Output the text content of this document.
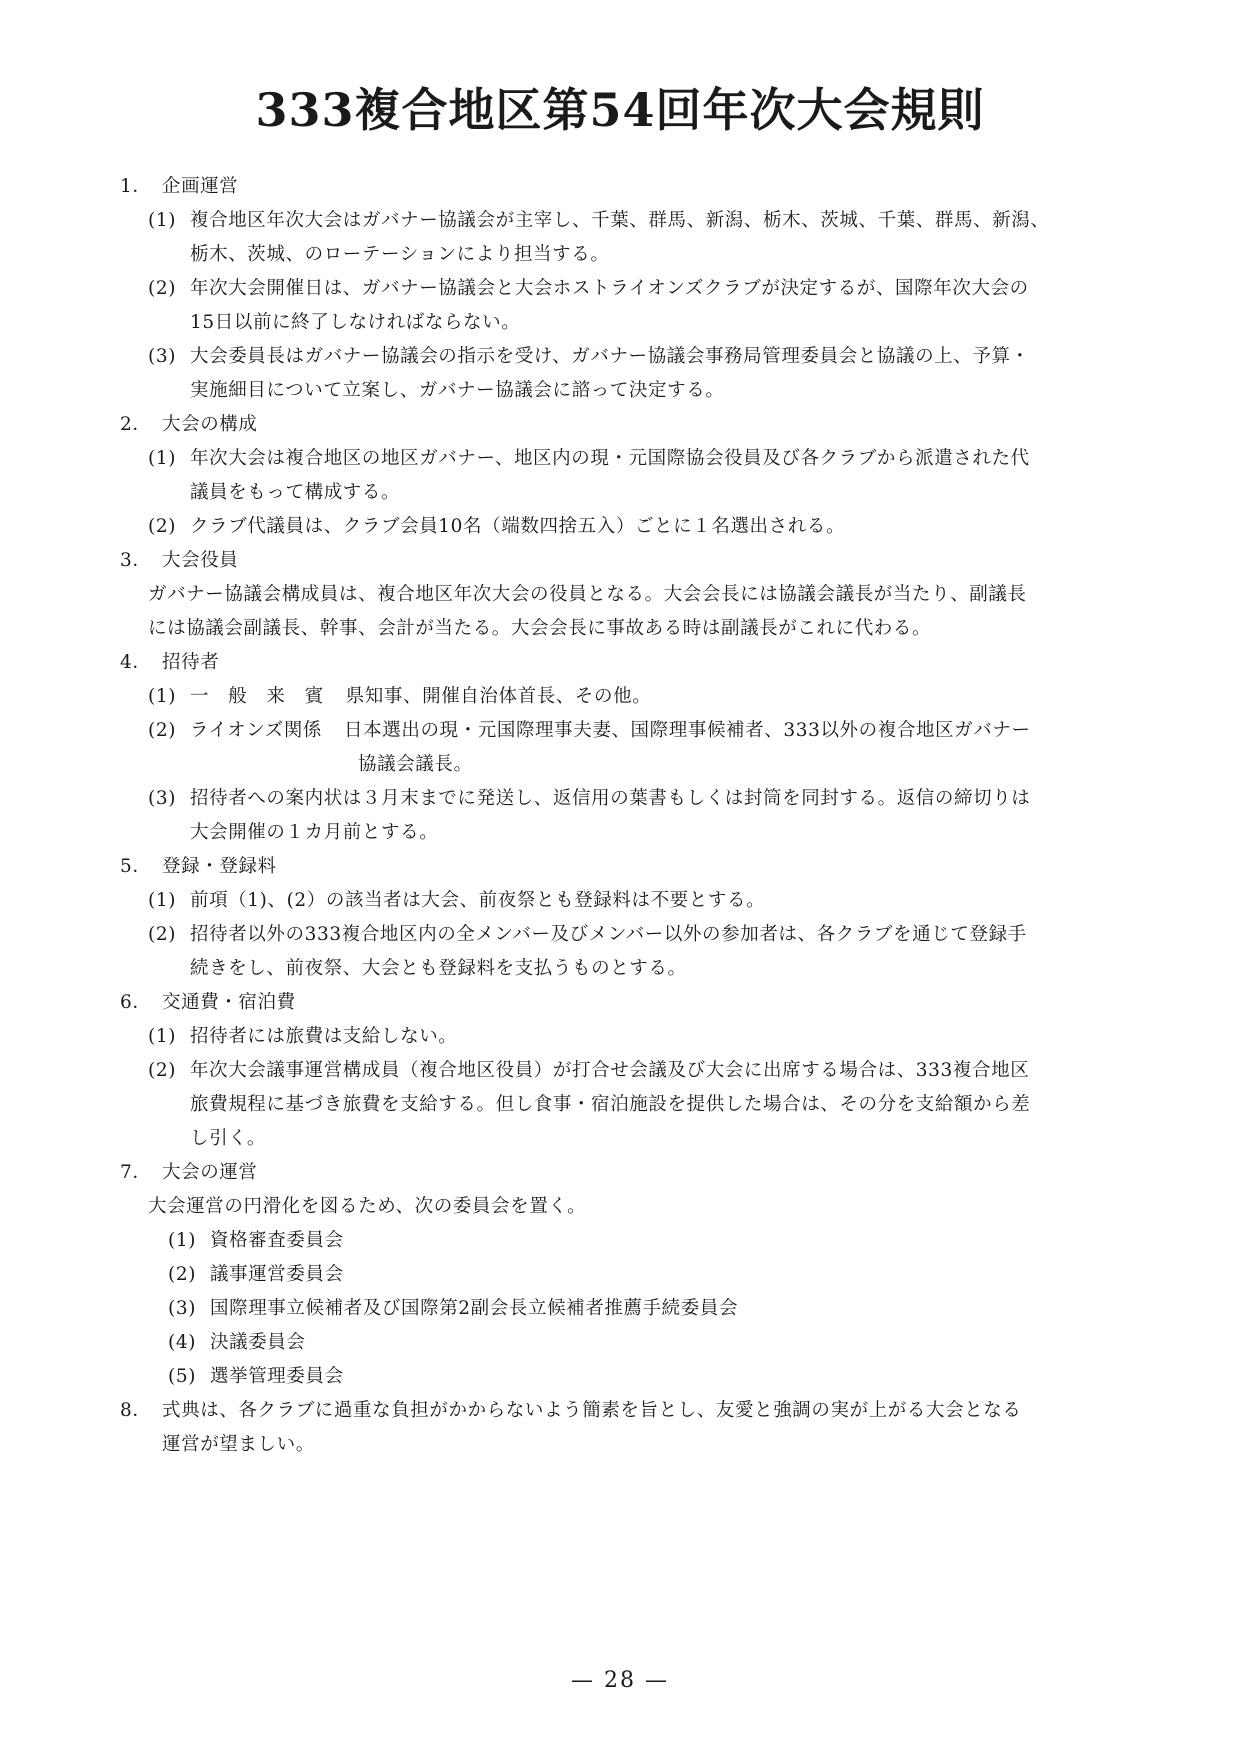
333複合地区第54回年次大会規則
1． 企画運営
(1) 複合地区年次大会はガバナー協議会が主宰し、千葉、群馬、新潟、栃木、茨城、千葉、群馬、新潟、
栃木、茨城、のローテーションにより担当する。
(2) 年次大会開催日は、ガバナー協議会と大会ホストライオンズクラブが決定するが、国際年次大会の
15日以前に終了しなければならない。
(3) 大会委員長はガバナー協議会の指示を受け、ガバナー協議会事務局管理委員会と協議の上、予算・
実施細目について立案し、ガバナー協議会に諮って決定する。
2． 大会の構成
(1) 年次大会は複合地区の地区ガバナー、地区内の現・元国際協会役員及び各クラブから派遣された代
議員をもって構成する。
(2) クラブ代議員は、クラブ会員10名（端数四捨五入）ごとに１名選出される。
3． 大会役員
ガバナー協議会構成員は、複合地区年次大会の役員となる。大会会長には協議会議長が当たり、副議長
には協議会副議長、幹事、会計が当たる。大会会長に事故ある時は副議長がこれに代わる。
4． 招待者
(1) 一　般　来　賓 県知事、開催自治体首長、その他。
(2) ライオンズ関係 日本選出の現・元国際理事夫妻、国際理事候補者、333以外の複合地区ガバナー
協議会議長。
(3) 招待者への案内状は３月末までに発送し、返信用の葉書もしくは封筒を同封する。返信の締切りは
大会開催の１カ月前とする。
5． 登録・登録料
(1) 前項（1)、(2）の該当者は大会、前夜祭とも登録料は不要とする。
(2) 招待者以外の333複合地区内の全メンバー及びメンバー以外の参加者は、各クラブを通じて登録手
続きをし、前夜祭、大会とも登録料を支払うものとする。
6． 交通費・宿泊費
(1) 招待者には旅費は支給しない。
(2) 年次大会議事運営構成員（複合地区役員）が打合せ会議及び大会に出席する場合は、333複合地区
旅費規程に基づき旅費を支給する。但し食事・宿泊施設を提供した場合は、その分を支給額から差
し引く。
7． 大会の運営
大会運営の円滑化を図るため、次の委員会を置く。
(1) 資格審査委員会
(2) 議事運営委員会
(3) 国際理事立候補者及び国際第2副会長立候補者推薦手続委員会
(4) 決議委員会
(5) 選挙管理委員会
8． 式典は、各クラブに過重な負担がかからないよう簡素を旨とし、友愛と強調の実が上がる大会となる
運営が望ましい。
— 28 —
